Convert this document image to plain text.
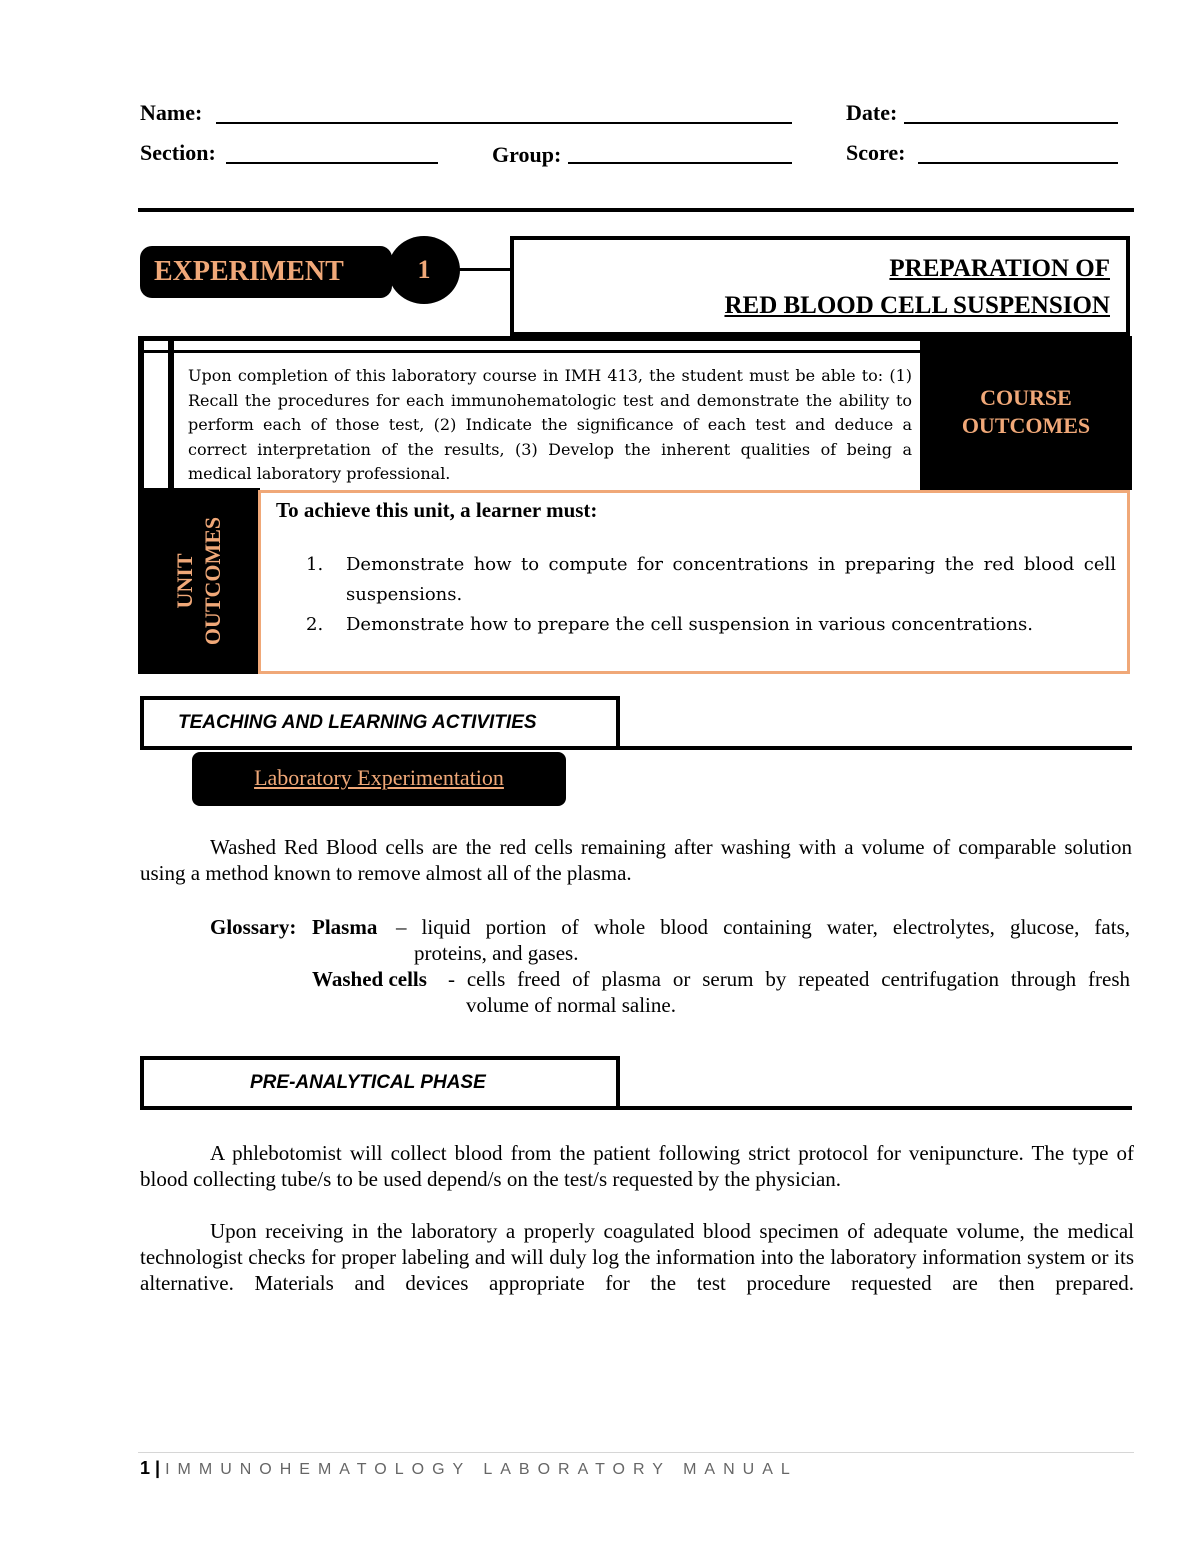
Name:	Date:
Section:	Group:	Score:
EXPERIMENT	1	PREPARATION OF
RED BLOOD CELL SUSPENSION
Upon completion of this laboratory course in IMH 413, the student must be able to: (1) Recall the procedures for each immunohematologic test and demonstrate the ability to perform each of those test, (2) Indicate the significance of each test and deduce a correct interpretation of the results, (3) Develop the inherent qualities of being a medical laboratory professional.
COURSE
OUTCOMES
UNIT OUTCOMES
To achieve this unit, a learner must:
1. Demonstrate how to compute for concentrations in preparing the red blood cell suspensions.
2. Demonstrate how to prepare the cell suspension in various concentrations.
TEACHING AND LEARNING ACTIVITIES
Laboratory Experimentation
Washed Red Blood cells are the red cells remaining after washing with a volume of comparable solution using a method known to remove almost all of the plasma.
Glossary: Plasma – liquid portion of whole blood containing water, electrolytes, glucose, fats,
proteins, and gases.
Washed cells - cells freed of plasma or serum by repeated centrifugation through fresh
volume of normal saline.
PRE-ANALYTICAL PHASE
A phlebotomist will collect blood from the patient following strict protocol for venipuncture. The type of blood collecting tube/s to be used depend/s on the test/s requested by the physician.
Upon receiving in the laboratory a properly coagulated blood specimen of adequate volume, the medical technologist checks for proper labeling and will duly log the information into the laboratory information system or its alternative. Materials and devices appropriate for the test procedure requested are then prepared.
1 | IMMUNOHEMATOLOGY LABORATORY MANUAL
